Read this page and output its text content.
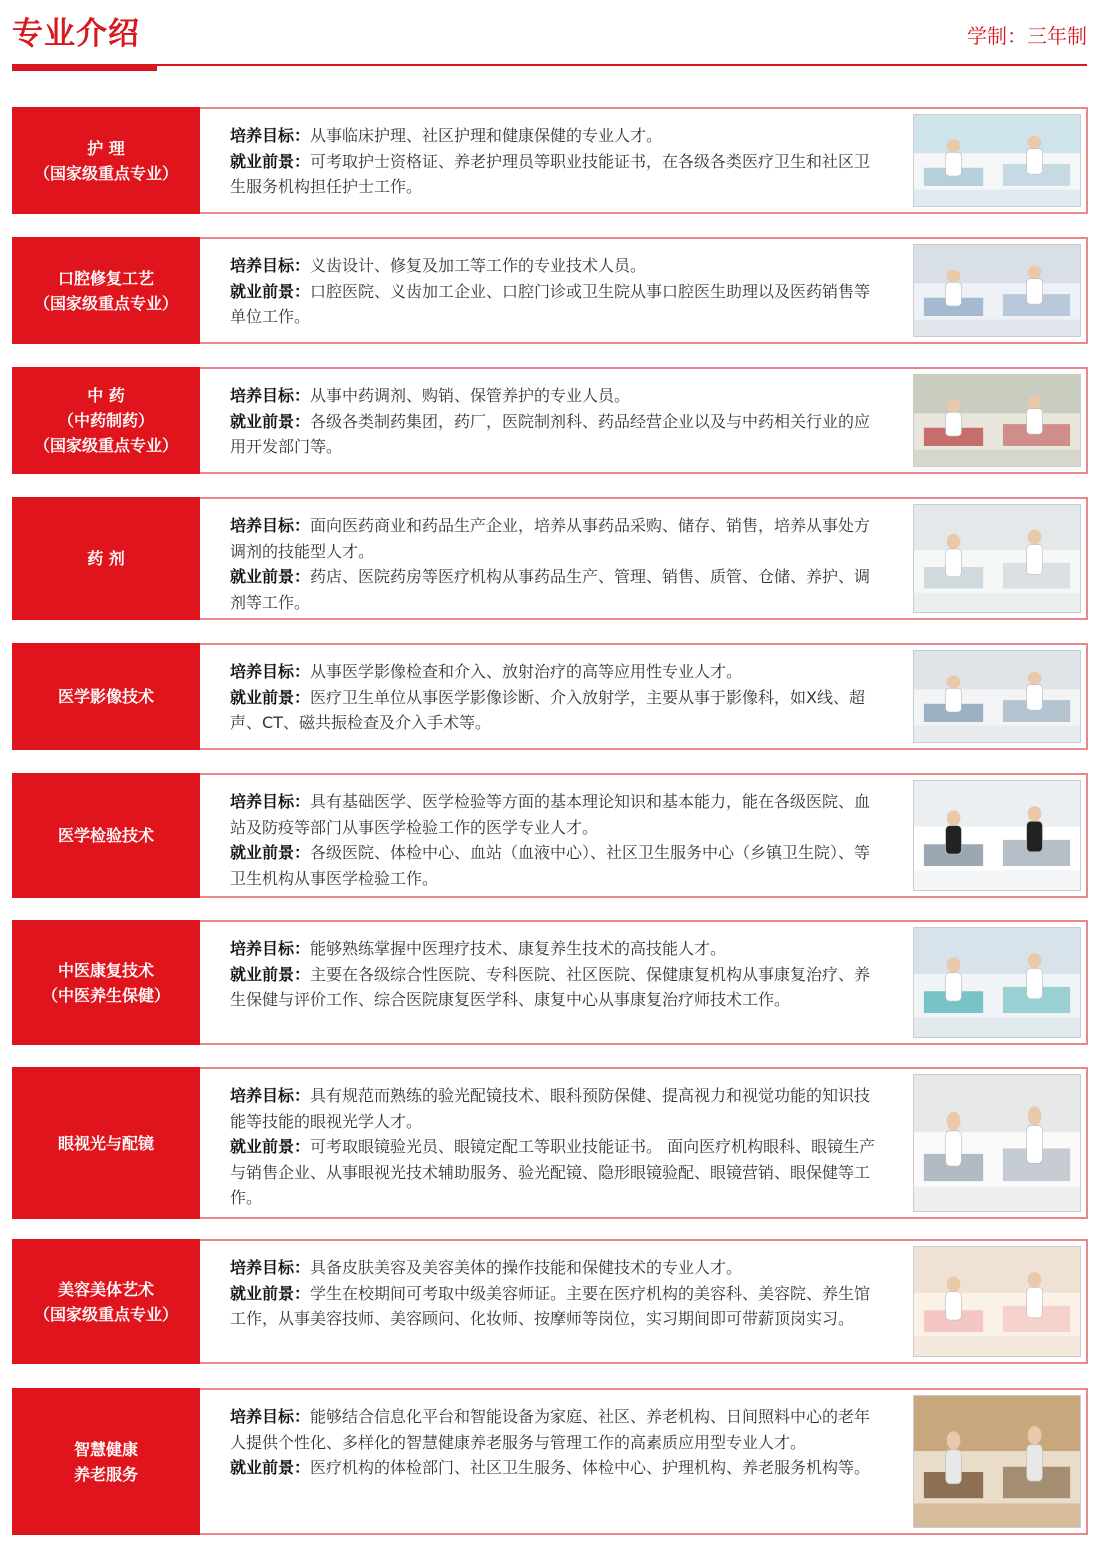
专业介绍	学制：三年制
护 理
（国家级重点专业）

培养目标：从事临床护理、社区护理和健康保健的专业人才。

就业前景：可考取护士资格证、养老护理员等职业技能证书，在各级各类医疗卫生和社区卫生服务机构担任护士工作。

口腔修复工艺
（国家级重点专业）

培养目标：义齿设计、修复及加工等工作的专业技术人员。

就业前景：口腔医院、义齿加工企业、口腔门诊或卫生院从事口腔医生助理以及医药销售等单位工作。

中 药
（中药制药）
（国家级重点专业）

培养目标：从事中药调剂、购销、保管养护的专业人员。

就业前景：各级各类制药集团，药厂，医院制剂科、药品经营企业以及与中药相关行业的应用开发部门等。

药 剂

培养目标：面向医药商业和药品生产企业，培养从事药品采购、储存、销售，培养从事处方调剂的技能型人才。

就业前景：药店、医院药房等医疗机构从事药品生产、管理、销售、质管、仓储、养护、调剂等工作。

医学影像技术

培养目标：从事医学影像检查和介入、放射治疗的高等应用性专业人才。

就业前景：医疗卫生单位从事医学影像诊断、介入放射学，主要从事于影像科，如X线、超声、CT、磁共振检查及介入手术等。

医学检验技术

培养目标：具有基础医学、医学检验等方面的基本理论知识和基本能力，能在各级医院、血站及防疫等部门从事医学检验工作的医学专业人才。

就业前景：各级医院、体检中心、血站（血液中心）、社区卫生服务中心（乡镇卫生院）、等卫生机构从事医学检验工作。

中医康复技术
（中医养生保健）

培养目标：能够熟练掌握中医理疗技术、康复养生技术的高技能人才。

就业前景：主要在各级综合性医院、专科医院、社区医院、保健康复机构从事康复治疗、养生保健与评价工作、综合医院康复医学科、康复中心从事康复治疗师技术工作。

眼视光与配镜

培养目标：具有规范而熟练的验光配镜技术、眼科预防保健、提高视力和视觉功能的知识技能等技能的眼视光学人才。

就业前景：可考取眼镜验光员、眼镜定配工等职业技能证书。 面向医疗机构眼科、眼镜生产与销售企业、从事眼视光技术辅助服务、验光配镜、隐形眼镜验配、眼镜营销、眼保健等工作。

美容美体艺术
（国家级重点专业）

培养目标：具备皮肤美容及美容美体的操作技能和保健技术的专业人才。

就业前景：学生在校期间可考取中级美容师证。主要在医疗机构的美容科、美容院、养生馆工作，从事美容技师、美容顾问、化妆师、按摩师等岗位，实习期间即可带薪顶岗实习。

智慧健康
养老服务

培养目标：能够结合信息化平台和智能设备为家庭、社区、养老机构、日间照料中心的老年人提供个性化、多样化的智慧健康养老服务与管理工作的高素质应用型专业人才。

就业前景：医疗机构的体检部门、社区卫生服务、体检中心、护理机构、养老服务机构等。
